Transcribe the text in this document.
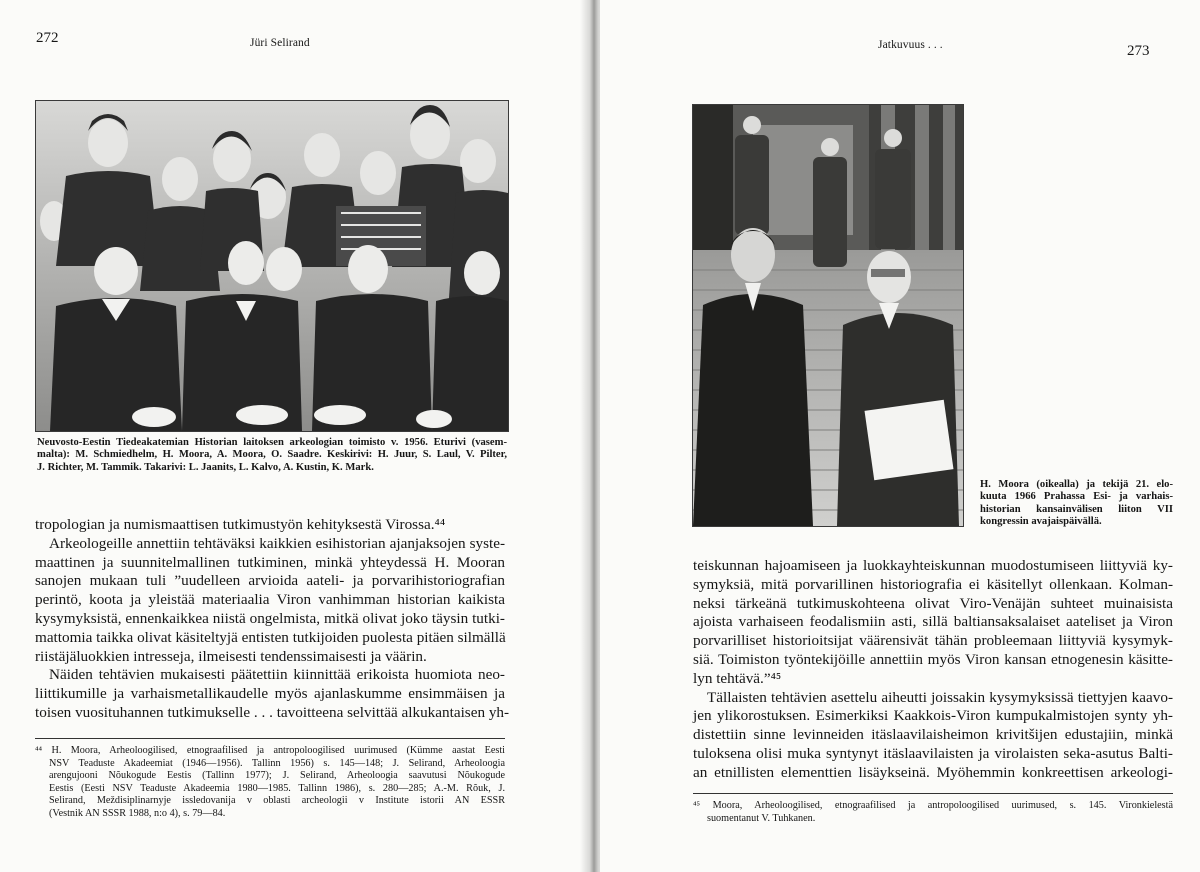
272	Jüri Selirand
Neuvosto-Eestin Tiedeakatemian Historian laitoksen arkeologian toimisto v. 1956. Eturivi (vasem-
malta): M. Schmiedhelm, H. Moora, A. Moora, O. Saadre. Keskirivi: H. Juur, S. Laul, V. Pilter,
J. Richter, M. Tammik. Takarivi: L. Jaanits, L. Kalvo, A. Kustin, K. Mark.
tropologian ja numismaattisen tutkimustyön kehityksestä Virossa.⁴⁴
Arkeologeille annettiin tehtäväksi kaikkien esihistorian ajanjaksojen syste-
maattinen ja suunnitelmallinen tutkiminen, minkä yhteydessä H. Mooran
sanojen mukaan tuli ”uudelleen arvioida aateli- ja porvarihistoriografian
perintö, koota ja yleistää materiaalia Viron vanhimman historian kaikista
kysymyksistä, ennenkaikkea niistä ongelmista, mitkä olivat joko täysin tutki-
mattomia taikka olivat käsiteltyjä entisten tutkijoiden puolesta pitäen silmällä
riistäjäluokkien intresseja, ilmeisesti tendenssimaisesti ja väärin.
Näiden tehtävien mukaisesti päätettiin kiinnittää erikoista huomiota neo-
liittikumille ja varhaismetallikaudelle myös ajanlaskumme ensimmäisen ja
toisen vuosituhannen tutkimukselle . . . tavoitteena selvittää alkukantaisen yh-
⁴⁴ H. Moora, Arheoloogilised, etnograafilised ja antropoloogilised uurimused (Kümme aastat Eesti
NSV Teaduste Akadeemiat (1946—1956). Tallinn 1956) s. 145—148; J. Selirand, Arheoloogia
arengujooni Nõukogude Eestis (Tallinn 1977); J. Selirand, Arheoloogia saavutusi Nõukogude
Eestis (Eesti NSV Teaduste Akadeemia 1980—1985. Tallinn 1986), s. 280—285; A.-M. Rõuk, J.
Selirand, Meždisiplinarnyje issledovanija v oblasti archeologii v Institute istorii AN ESSR
(Vestnik AN SSSR 1988, n:o 4), s. 79—84.
Jatkuvuus . . .	273
H. Moora (oikealla) ja tekijä 21. elo-
kuuta 1966 Prahassa Esi- ja varhais-
historian kansainvälisen liiton VII
kongressin avajaispäivällä.
teiskunnan hajoamiseen ja luokkayhteiskunnan muodostumiseen liittyviä ky-
symyksiä, mitä porvarillinen historiografia ei käsitellyt ollenkaan. Kolman-
neksi tärkeänä tutkimuskohteena olivat Viro-Venäjän suhteet muinaisista
ajoista varhaiseen feodalismiin asti, sillä baltiansaksalaiset aateliset ja Viron
porvarilliset historioitsijat väärensivät tähän probleemaan liittyviä kysymyk-
siä. Toimiston työntekijöille annettiin myös Viron kansan etnogenesin käsitte-
lyn tehtävä.”⁴⁵
Tällaisten tehtävien asettelu aiheutti joissakin kysymyksissä tiettyjen kaavo-
jen ylikorostuksen. Esimerkiksi Kaakkois-Viron kumpukalmistojen synty yh-
distettiin sinne levinneiden itäslaavilaisheimon krivitšijen edustajiin, minkä
tuloksena olisi muka syntynyt itäslaavilaisten ja virolaisten seka-asutus Balti-
an etnillisten elementtien lisäykseinä. Myöhemmin konkreettisen arkeologi-
⁴⁵ Moora, Arheoloogilised, etnograafilised ja antropoloogilised uurimused, s. 145. Vironkielestä
suomentanut V. Tuhkanen.
